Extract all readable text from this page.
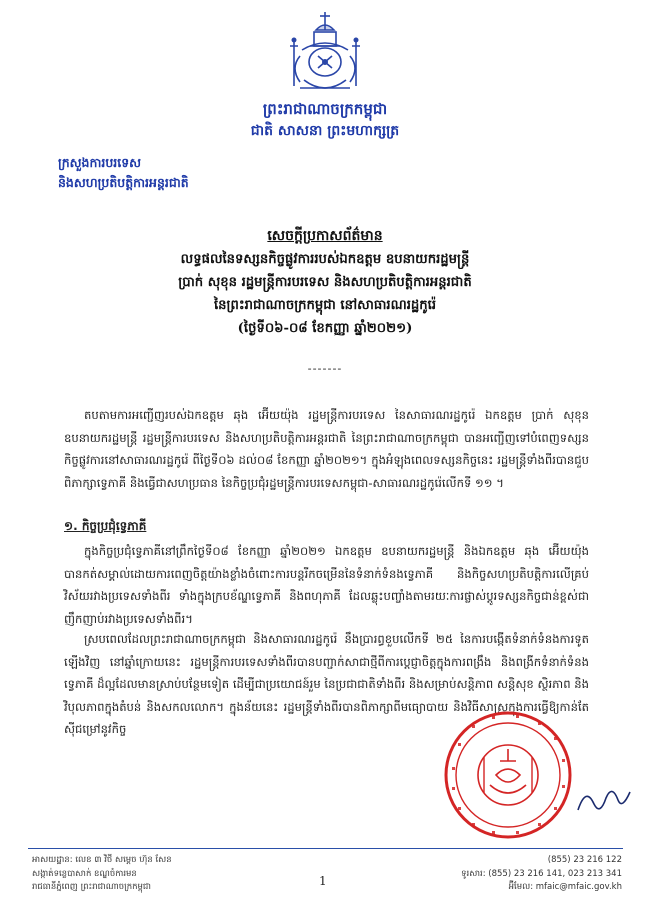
ព្រះរាជាណាចក្រកម្ពុជា
ជាតិ សាសនា ព្រះមហាក្សត្រ
ក្រសួងការបរទេស
និងសហប្រតិបត្តិការអន្តរជាតិ
សេចក្តីប្រកាសព័ត៌មាន
លទ្ធផលនៃទស្សនកិច្ចផ្លូវការរបស់ឯកឧត្តម ឧបនាយករដ្ឋមន្ត្រី
ប្រាក់ សុខុន រដ្ឋមន្ត្រីការបរទេស និងសហប្រតិបត្តិការអន្តរជាតិ
នៃព្រះរាជាណាចក្រកម្ពុជា នៅសាធារណរដ្ឋកូរ៉េ
(ថ្ងៃទី០៦-០៨ ខែកញ្ញា ឆ្នាំ២០២១)
-------

តបតាមការអញ្ជើញរបស់ឯកឧត្តម ឆុង អ៊ើយយ៉ុង រដ្ឋមន្ត្រីការបរទេស នៃសាធារណរដ្ឋកូរ៉េ ឯកឧត្តម ប្រាក់ សុខុន ឧបនាយករដ្ឋមន្ត្រី រដ្ឋមន្ត្រីការបរទេស និងសហប្រតិបត្តិការអន្តរជាតិ នៃព្រះរាជាណាចក្រកម្ពុជា បានអញ្ជើញទៅបំពេញទស្សនកិច្ចផ្លូវការនៅសាធារណរដ្ឋកូរ៉េ ពីថ្ងៃទី០៦ ដល់០៨ ខែកញ្ញា ឆ្នាំ២០២១។ ក្នុងអំឡុងពេលទស្សនកិច្ចនេះ រដ្ឋមន្ត្រីទាំងពីរបានជួបពិភាក្សាទ្វេភាគី និងធ្វើជាសហប្រធាន នៃកិច្ចប្រជុំរដ្ឋមន្ត្រីការបរទេសកម្ពុជា-សាធារណរដ្ឋកូរ៉េលើកទី ១១ ។

១. កិច្ចប្រជុំទ្វេភាគី

ក្នុងកិច្ចប្រជុំទ្វេភាគីនៅព្រឹកថ្ងៃទី០៨ ខែកញ្ញា ឆ្នាំ២០២១ ឯកឧត្តម ឧបនាយករដ្ឋមន្ត្រី និងឯកឧត្តម ឆុង អ៊ើយយ៉ុង បានកត់សម្គាល់ដោយការពេញចិត្តយ៉ាងខ្លាំងចំពោះការបន្តរីកចម្រើននៃទំនាក់ទំនងទ្វេភាគី និងកិច្ចសហប្រតិបត្តិការលើគ្រប់វិស័យរវាងប្រទេសទាំងពីរ ទាំងក្នុងក្របខ័ណ្ឌទ្វេភាគី និងពហុភាគី ដែលឆ្លុះបញ្ចាំងតាមរយៈការផ្លាស់ប្តូរទស្សនកិច្ចជាន់ខ្ពស់ជាញឹកញាប់រវាងប្រទេសទាំងពីរ។

ស្របពេលដែលព្រះរាជាណាចក្រកម្ពុជា និងសាធារណរដ្ឋកូរ៉េ នឹងប្រារព្ធខួបលើកទី ២៥ នៃការបង្កើតទំនាក់ទំនងការទូតឡើងវិញ នៅឆ្នាំក្រោយនេះ រដ្ឋមន្ត្រីការបរទេសទាំងពីរបានបញ្ជាក់សាជាថ្មីពីការប្តេជ្ញាចិត្តក្នុងការពង្រឹង និងពង្រីកទំនាក់ទំនងទ្វេភាគី ដ៏ល្អដែលមានស្រាប់បន្ថែមទៀត ដើម្បីជាប្រយោជន៍រួម នៃប្រជាជាតិទាំងពីរ និងសម្រាប់សន្តិភាព សន្តិសុខ ស្ថិរភាព និងវិបុលភាពក្នុងតំបន់ និងសកលលោក។ ក្នុងន័យនេះ រដ្ឋមន្ត្រីទាំងពីរបានពិភាក្សាពីមធ្យោបាយ និងវិធីសាស្ត្រក្នុងការធ្វើឱ្យកាន់តែស៊ីជម្រៅនូវកិច្ច

អាសយដ្ឋាន: លេខ ៣ វិថី សម្តេច ហ៊ុន សែន
សង្កាត់ទន្លេបាសាក់ ខណ្ឌចំការមន
រាជធានីភ្នំពេញ ព្រះរាជាណាចក្រកម្ពុជា	1
(855) 23 216 122
ទូរសារ: (855) 23 216 141, 023 213 341
អ៊ីមែល: mfaic@mfaic.gov.kh
